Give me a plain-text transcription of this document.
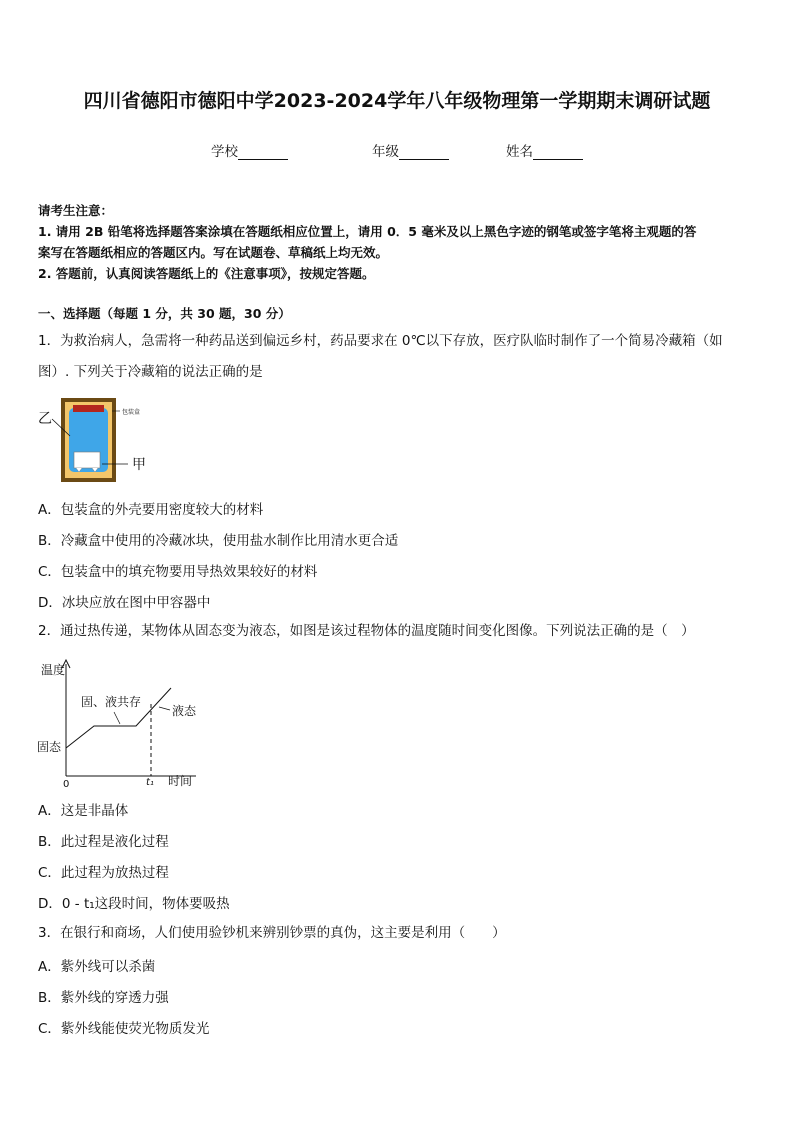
四川省德阳市德阳中学2023-2024学年八年级物理第一学期期末调研试题
学校	年级	姓名
请考生注意：
1. 请用 2B 铅笔将选择题答案涂填在答题纸相应位置上，请用 0．5 毫米及以上黑色字迹的钢笔或签字笔将主观题的答
案写在答题纸相应的答题区内。写在试题卷、草稿纸上均无效。
2. 答题前，认真阅读答题纸上的《注意事项》，按规定答题。
一、选择题（每题 1 分，共 30 题，30 分）
1．为救治病人，急需将一种药品送到偏远乡村，药品要求在 0℃以下存放，医疗队临时制作了一个简易冷藏箱（如
图）. 下列关于冷藏箱的说法正确的是
乙
甲
包装盒
A．包装盒的外壳要用密度较大的材料
B．冷藏盒中使用的冷藏冰块，使用盐水制作比用清水更合适
C．包装盒中的填充物要用导热效果较好的材料
D．冰块应放在图中甲容器中
2．通过热传递，某物体从固态变为液态，如图是该过程物体的温度随时间变化图像。下列说法正确的是（　）
温度
固态
固、液共存
液态
0	t₁ 时间
A．这是非晶体
B．此过程是液化过程
C．此过程为放热过程
D．0 - t₁这段时间，物体要吸热
3．在银行和商场，人们使用验钞机来辨别钞票的真伪，这主要是利用（　　）
A．紫外线可以杀菌
B．紫外线的穿透力强
C．紫外线能使荧光物质发光
